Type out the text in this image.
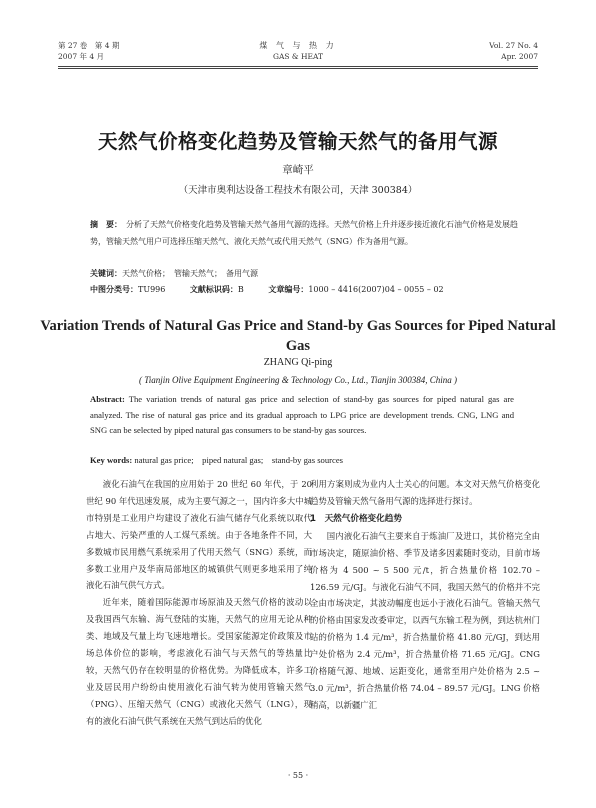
第 27 卷　第 4 期
2007 年 4 月
煤 气 与 热 力
GAS & HEAT
Vol. 27 No. 4
Apr. 2007
天然气价格变化趋势及管输天然气的备用气源
章崎平
（天津市奥利达设备工程技术有限公司，天津 300384）
摘　要： 分析了天然气价格变化趋势及管输天然气备用气源的选择。天然气价格上升并逐步接近液化石油气价格是发展趋势，管输天然气用户可选择压缩天然气、液化天然气或代用天然气（SNG）作为备用气源。
关键词：天然气价格；　管输天然气；　备用气源
中图分类号：TU996	文献标识码：B	文章编号：1000 – 4416(2007)04 – 0055 – 02
Variation Trends of Natural Gas Price and Stand-by Gas Sources for Piped Natural Gas
ZHANG Qi-ping
( Tianjin Olive Equipment Engineering & Technology Co., Ltd., Tianjin 300384, China )
Abstract: The variation trends of natural gas price and selection of stand-by gas sources for piped natural gas are analyzed. The rise of natural gas price and its gradual approach to LPG price are development trends. CNG, LNG and SNG can be selected by piped natural gas consumers to be stand-by gas sources.
Key words: natural gas price;　piped natural gas;　stand-by gas sources

液化石油气在我国的应用始于 20 世纪 60 年代，于 20 世纪 90 年代迅速发展，成为主要气源之一，国内许多大中城市特别是工业用户均建设了液化石油气储存气化系统以取代占地大、污染严重的人工煤气系统。由于各地条件不同，大多数城市民用燃气系统采用了代用天然气（SNG）系统，而多数工业用户及华南局部地区的城镇供气则更多地采用了纯液化石油气供气方式。

近年来，随着国际能源市场原油及天然气价格的波动以及我国西气东输、海气登陆的实施，天然气的应用无论从种类、地域及气量上均飞速地增长。受国家能源定价政策及市场总体价位的影响，考虑液化石油气与天然气的等热量比较，天然气仍存在较明显的价格优势。为降低成本，许多工业及居民用户纷纷由使用液化石油气转为使用管输天然气（PNG）、压缩天然气（CNG）或液化天然气（LNG），现有的液化石油气供气系统在天然气到达后的优化

利用方案则成为业内人士关心的问题。本文对天然气价格变化趋势及管输天然气备用气源的选择进行探讨。

1　天然气价格变化趋势

国内液化石油气主要来自于炼油厂及进口，其价格完全由市场决定，随原油价格、季节及诸多因素随时变动，目前市场价格为 4 500 ~ 5 500 元/t，折合热量价格 102.70 – 126.59 元/GJ。与液化石油气不同，我国天然气的价格并不完全由市场决定，其波动幅度也远小于液化石油气。管输天然气的价格由国家发改委审定，以西气东输工程为例，到达杭州门站的价格为 1.4 元/m³，折合热量价格 41.80 元/GJ，到达用户处价格为 2.4 元/m³，折合热量价格 71.65 元/GJ。CNG 价格随气源、地域、运距变化，通常至用户处价格为 2.5 ~ 3.0 元/m³，折合热量价格 74.04 – 89.57 元/GJ。LNG 价格稍高，以新疆广汇

· 55 ·
